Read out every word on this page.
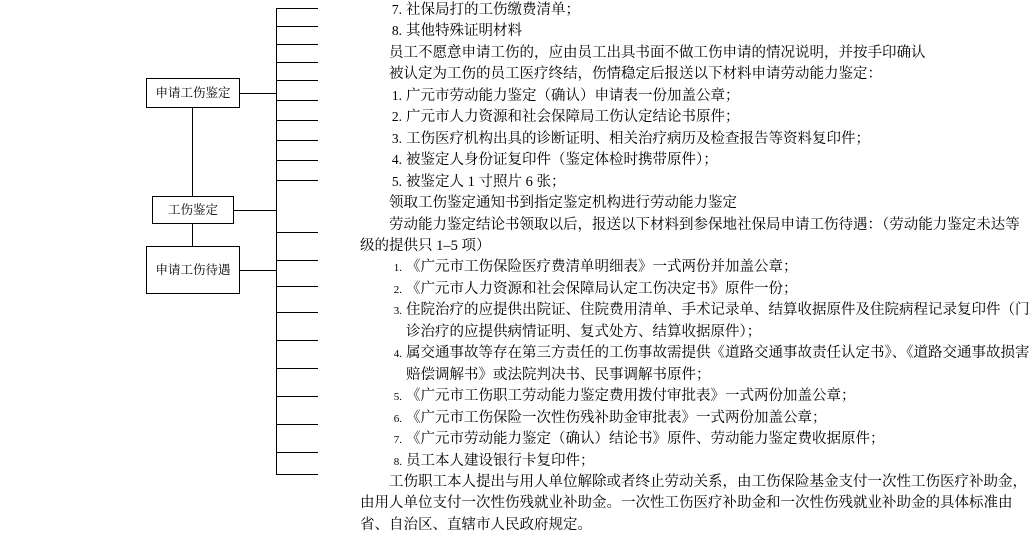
申请工伤鉴定
工伤鉴定
申请工伤待遇
7. 社保局打的工伤缴费清单；
8. 其他特殊证明材料

员工不愿意申请工伤的，应由员工出具书面不做工伤申请的情况说明，并按手印确认

被认定为工伤的员工医疗终结，伤情稳定后报送以下材料申请劳动能力鉴定：

1. 广元市劳动能力鉴定（确认）申请表一份加盖公章；
2. 广元市人力资源和社会保障局工伤认定结论书原件；
3. 工伤医疗机构出具的诊断证明、相关治疗病历及检查报告等资料复印件；
4. 被鉴定人身份证复印件（鉴定体检时携带原件）；
5. 被鉴定人 1 寸照片 6 张；

领取工伤鉴定通知书到指定鉴定机构进行劳动能力鉴定

劳动能力鉴定结论书领取以后，报送以下材料到参保地社保局申请工伤待遇：（劳动能力鉴定未达等级的提供只 1–5 项）

1. 《广元市工伤保险医疗费清单明细表》一式两份并加盖公章；
2. 《广元市人力资源和社会保障局认定工伤决定书》原件一份；
3. 住院治疗的应提供出院证、住院费用清单、手术记录单、结算收据原件及住院病程记录复印件（门诊治疗的应提供病情证明、复式处方、结算收据原件）；
4. 属交通事故等存在第三方责任的工伤事故需提供《道路交通事故责任认定书》、《道路交通事故损害赔偿调解书》或法院判决书、民事调解书原件；
5. 《广元市工伤职工劳动能力鉴定费用拨付审批表》一式两份加盖公章；
6. 《广元市工伤保险一次性伤残补助金审批表》一式两份加盖公章；
7. 《广元市劳动能力鉴定（确认）结论书》原件、劳动能力鉴定费收据原件；
8. 员工本人建设银行卡复印件；

工伤职工本人提出与用人单位解除或者终止劳动关系，由工伤保险基金支付一次性工伤医疗补助金，由用人单位支付一次性伤残就业补助金。一次性工伤医疗补助金和一次性伤残就业补助金的具体标准由省、自治区、直辖市人民政府规定。
